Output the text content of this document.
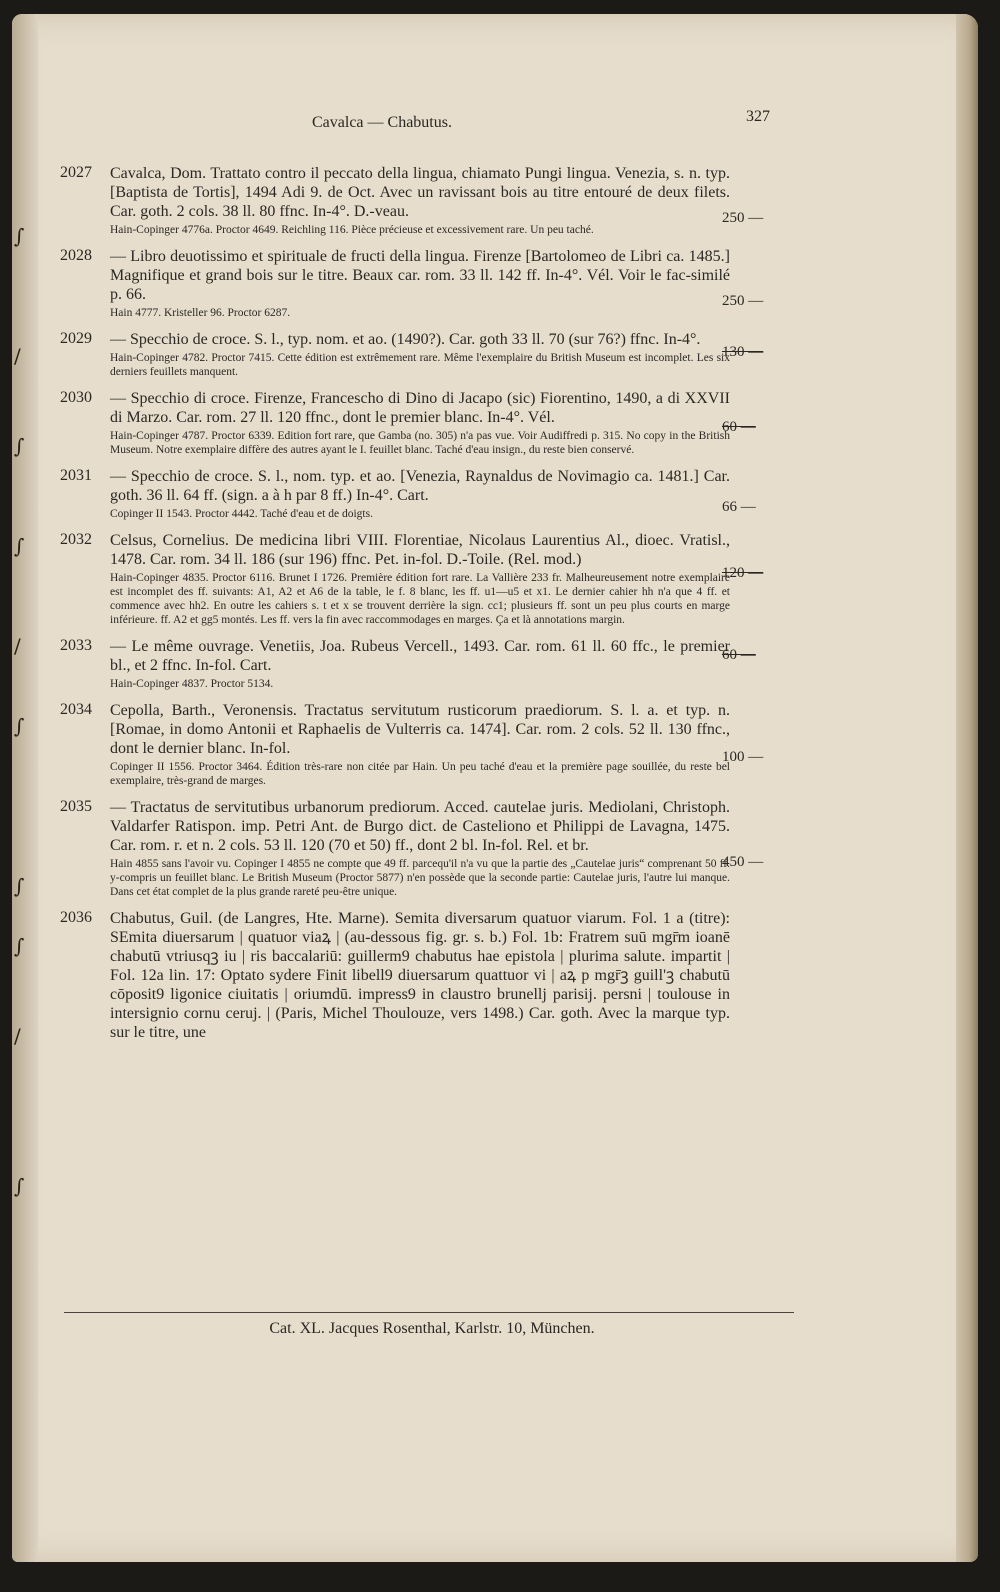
Cavalca — Chabutus.	327
2027	Cavalca, Dom. Trattato contro il peccato della lingua, chiamato Pungi lingua. Venezia, s. n. typ. [Baptista de Tortis], 1494 Adi 9. de Oct. Avec un ravissant bois au titre entouré de deux filets. Car. goth. 2 cols. 38 ll. 80 ffnc. In-4°. D.-veau.
Hain-Copinger 4776a. Proctor 4649. Reichling 116. Pièce précieuse et excessivement rare. Un peu taché.
250 —
2028	— Libro deuotissimo et spirituale de fructi della lingua. Firenze [Bartolomeo de Libri ca. 1485.] Magnifique et grand bois sur le titre. Beaux car. rom. 33 ll. 142 ff. In-4°. Vél. Voir le fac-similé p. 66.
Hain 4777. Kristeller 96. Proctor 6287.
250 —
2029	— Specchio de croce. S. l., typ. nom. et ao. (1490?). Car. goth 33 ll. 70 (sur 76?) ffnc. In-4°.
Hain-Copinger 4782. Proctor 7415. Cette édition est extrêmement rare. Même l'exemplaire du British Museum est incomplet. Les six derniers feuillets manquent.
130 —
2030	— Specchio di croce. Firenze, Francescho di Dino di Jacapo (sic) Fiorentino, 1490, a di XXVII di Marzo. Car. rom. 27 ll. 120 ffnc., dont le premier blanc. In-4°. Vél.
Hain-Copinger 4787. Proctor 6339. Edition fort rare, que Gamba (no. 305) n'a pas vue. Voir Audiffredi p. 315. No copy in the British Museum. Notre exemplaire diffère des autres ayant le I. feuillet blanc. Taché d'eau insign., du reste bien conservé.
60 —
2031	— Specchio de croce. S. l., nom. typ. et ao. [Venezia, Raynaldus de Novimagio ca. 1481.] Car. goth. 36 ll. 64 ff. (sign. a à h par 8 ff.) In-4°. Cart.
Copinger II 1543. Proctor 4442. Taché d'eau et de doigts.	66 —
2032	Celsus, Cornelius. De medicina libri VIII. Florentiae, Nicolaus Laurentius Al., dioec. Vratisl., 1478. Car. rom. 34 ll. 186 (sur 196) ffnc. Pet. in-fol. D.-Toile. (Rel. mod.)
Hain-Copinger 4835. Proctor 6116. Brunet I 1726. Première édition fort rare. La Vallière 233 fr. Malheureusement notre exemplaire est incomplet des ff. suivants: A1, A2 et A6 de la table, le f. 8 blanc, les ff. u1—u5 et x1. Le dernier cahier hh n'a que 4 ff. et commence avec hh2. En outre les cahiers s. t et x se trouvent derrière la sign. cc1; plusieurs ff. sont un peu plus courts en marge inférieure. ff. A2 et gg5 montés. Les ff. vers la fin avec raccommodages en marges. Ça et là annotations margin.
120 —
2033	— Le même ouvrage. Venetiis, Joa. Rubeus Vercell., 1493. Car. rom. 61 ll. 60 ffc., le premier bl., et 2 ffnc. In-fol. Cart.
Hain-Copinger 4837. Proctor 5134.
60 —
2034	Cepolla, Barth., Veronensis. Tractatus servitutum rusticorum praediorum. S. l. a. et typ. n. [Romae, in domo Antonii et Raphaelis de Vulterris ca. 1474]. Car. rom. 2 cols. 52 ll. 130 ffnc., dont le dernier blanc. In-fol.
Copinger II 1556. Proctor 3464. Édition très-rare non citée par Hain. Un peu taché d'eau et la première page souillée, du reste bel exemplaire, très-grand de marges.
100 —
2035	— Tractatus de servitutibus urbanorum prediorum. Acced. cautelae juris. Mediolani, Christoph. Valdarfer Ratispon. imp. Petri Ant. de Burgo dict. de Casteliono et Philippi de Lavagna, 1475. Car. rom. r. et n. 2 cols. 53 ll. 120 (70 et 50) ff., dont 2 bl. In-fol. Rel. et br.
Hain 4855 sans l'avoir vu. Copinger I 4855 ne compte que 49 ff. parcequ'il n'a vu que la partie des „Cautelae juris“ comprenant 50 ff. y-compris un feuillet blanc. Le British Museum (Proctor 5877) n'en possède que la seconde partie: Cautelae juris, l'autre lui manque. Dans cet état complet de la plus grande rareté peu-être unique.
450 —
2036	Chabutus, Guil. (de Langres, Hte. Marne). Semita diversarum quatuor viarum. Fol. 1 a (titre): SEmita diuersarum | quatuor viaꝝ | (au-dessous fig. gr. s. b.) Fol. 1b: Fratrem suū mgr̄m ioanē chabutū vtriusqꝫ iu | ris baccalariū: guillerm9 chabutus hae epistola | plurima salute. impartit | Fol. 12a lin. 17: Optato sydere Finit libell9 diuersarum quattuor vi | aꝝ p mgr̄ꝫ guill'ꝫ chabutū cōposit9 ligonice ciuitatis | oriumdū. impress9 in claustro brunellj parisij. persni | toulouse in intersignio cornu ceruj. | (Paris, Michel Thoulouze, vers 1498.) Car. goth. Avec la marque typ. sur le titre, une
Cat. XL. Jacques Rosenthal, Karlstr. 10, München.
∫
/
∫
∫
/
∫
∫
∫
/
∫
